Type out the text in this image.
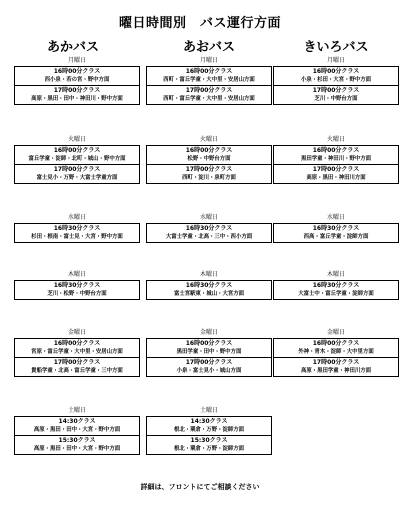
曜日時間別　バス運行方面
あかバス	あおバス	きいろバス
月曜日
16時00分クラス
西小泉・若の宮・野中方面
17時00分クラス
高原・黒田・田中・神田川・野中方面
月曜日
16時00分クラス
西町・富丘学童・大中里・安居山方面
17時00分クラス
西町・富丘学童・大中里・安居山方面
月曜日
16時00分クラス
小泉・杉田・大宮・野中方面
17時00分クラス
芝川・中野台方面
火曜日
16時00分クラス
富丘学童・淀師・北町・城山・野中方面
17時00分クラス
富士見小・万野・大富士学童方面
火曜日
16時00分クラス
松野・中野台方面
17時00分クラス
西町・淀川・泉町方面
火曜日
16時00分クラス
黒田学童・神田川・野中方面
17時00分クラス
高原・黒田・神田川方面
水曜日
16時30分クラス
杉田・根南・富士見・大宮・野中方面
水曜日
16時30分クラス
大富士学童・北高・三中・西小方面
水曜日
16時30分クラス
西高・富丘学童・淀師方面
木曜日
16時30分クラス
芝川・松野・中野台方面
木曜日
16時30分クラス
富士宮駅東・城山・大宮方面
木曜日
16時30分クラス
大富士中・富丘学童・淀師方面
金曜日
16時00分クラス
宮原・富丘学童・大中里・安居山方面
17時00分クラス
貴船学童・北高・富丘学童・三中方面
金曜日
16時00分クラス
黒田学童・田中・野中方面
17時00分クラス
小泉・富士見小・城山方面
金曜日
16時00分クラス
外神・青木・淀師・大中里方面
17時00分クラス
高原・黒田学童・神田川方面
土曜日
14:30クラス
高原・黒田・田中・大宮・野中方面
15:30クラス
高原・黒田・田中・大宮・野中方面
土曜日
14:30クラス
根北・粟倉・万野・淀師方面
15:30クラス
根北・粟倉・万野・淀師方面
詳細は、フロントにてご相談ください
